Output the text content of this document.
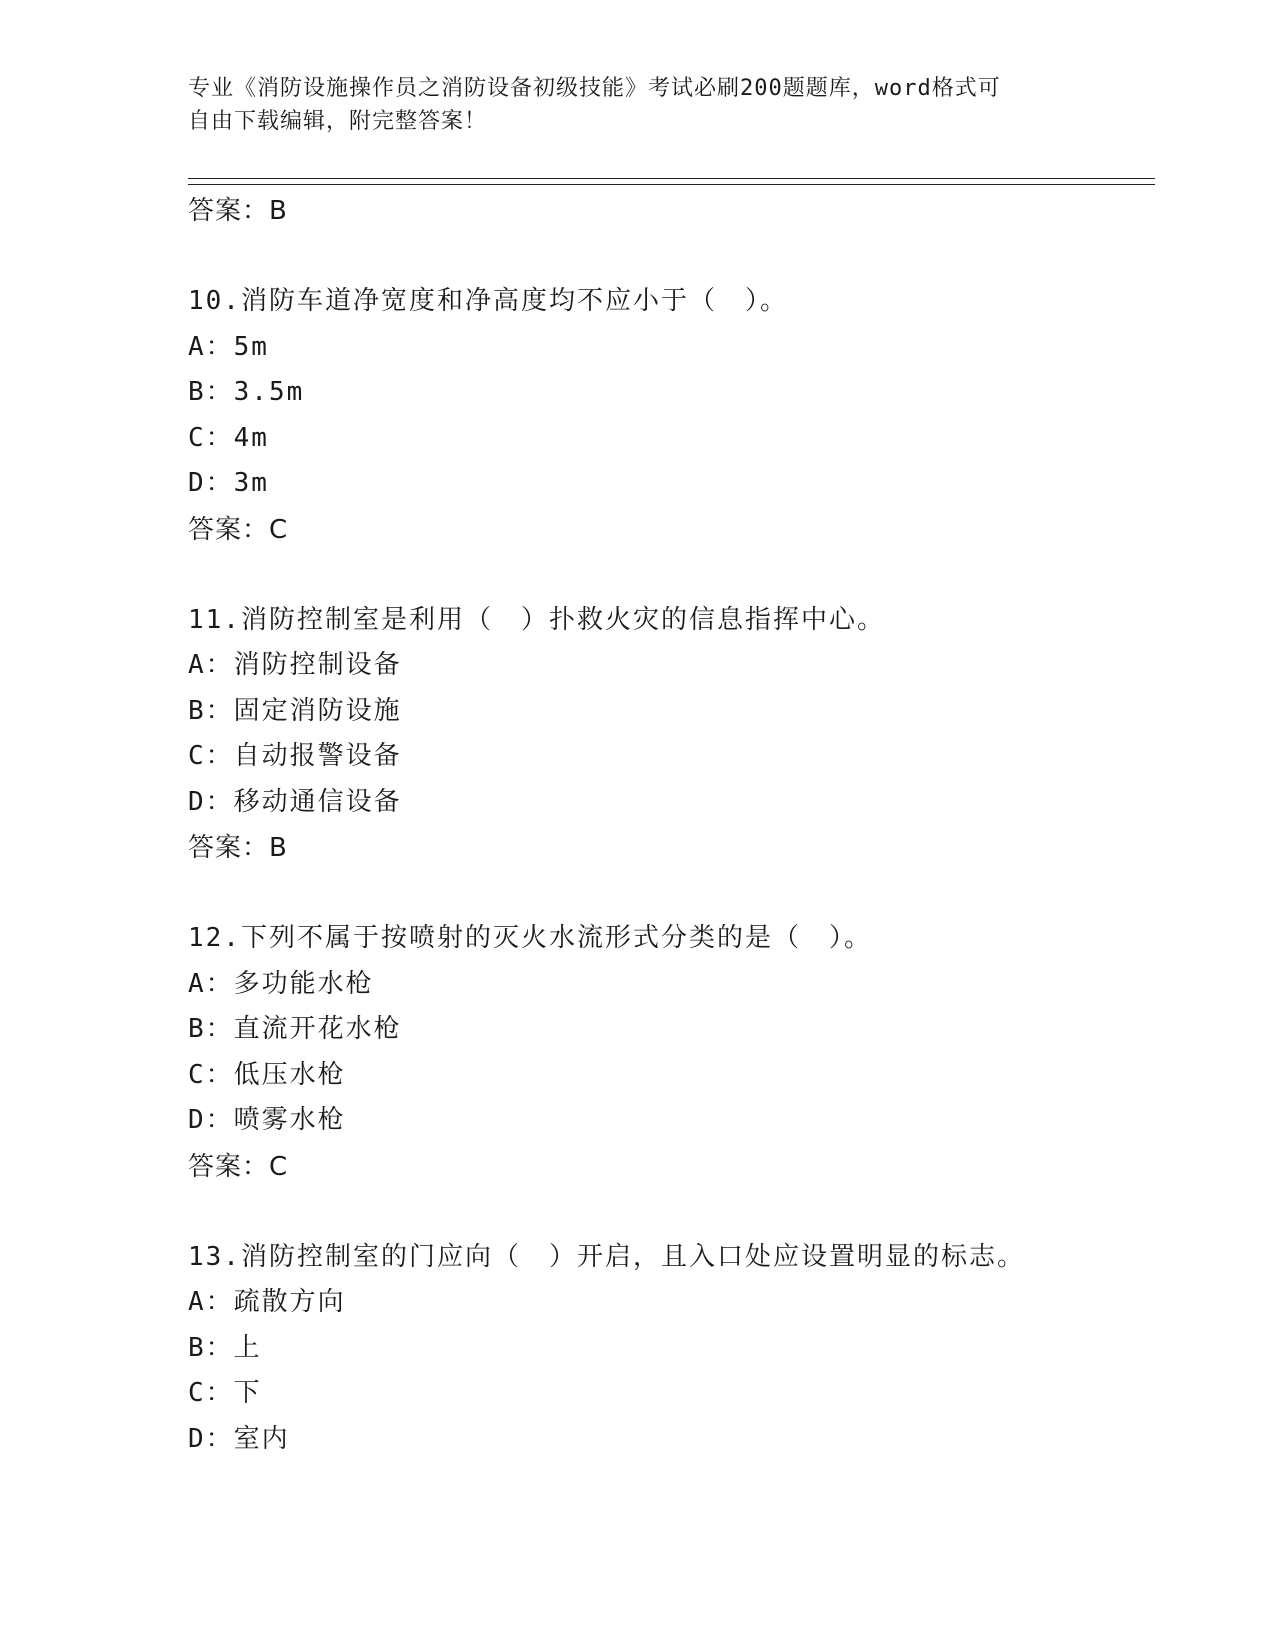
专业《消防设施操作员之消防设备初级技能》考试必刷200题题库，word格式可
自由下载编辑，附完整答案！
答案：B
10.消防车道净宽度和净高度均不应小于（　）。
A：5m
B：3.5m
C：4m
D：3m
答案：C
11.消防控制室是利用（　）扑救火灾的信息指挥中心。
A：消防控制设备
B：固定消防设施
C：自动报警设备
D：移动通信设备
答案：B
12.下列不属于按喷射的灭火水流形式分类的是（　）。
A：多功能水枪
B：直流开花水枪
C：低压水枪
D：喷雾水枪
答案：C
13.消防控制室的门应向（　）开启，且入口处应设置明显的标志。
A：疏散方向
B：上
C：下
D：室内
